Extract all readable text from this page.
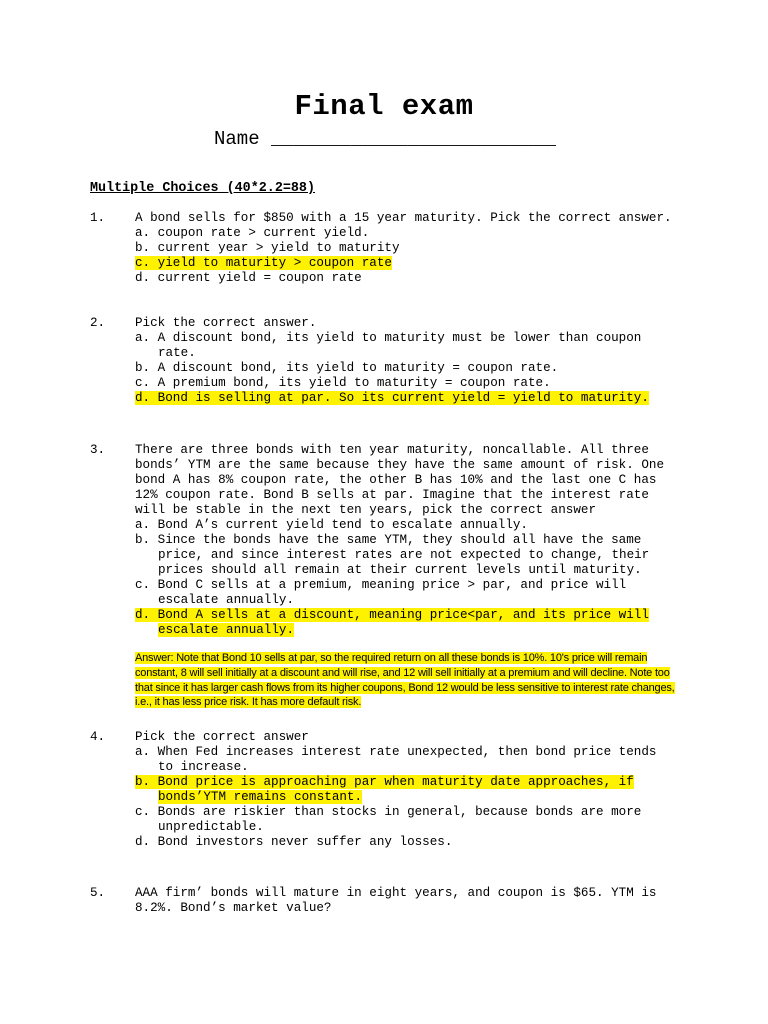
Final exam
Name _________________________
Multiple Choices (40*2.2=88)
1. A bond sells for $850 with a 15 year maturity. Pick the correct answer.
a. coupon rate > current yield.
b. current year > yield to maturity
c. yield to maturity > coupon rate
d. current yield = coupon rate
2. Pick the correct answer.
a. A discount bond, its yield to maturity must be lower than coupon rate.
b. A discount bond, its yield to maturity = coupon rate.
c. A premium bond, its yield to maturity = coupon rate.
d. Bond is selling at par. So its current yield = yield to maturity.
3. There are three bonds with ten year maturity, noncallable. All three bonds’ YTM are the same because they have the same amount of risk. One bond A has 8% coupon rate, the other B has 10% and the last one C has 12% coupon rate. Bond B sells at par. Imagine that the interest rate will be stable in the next ten years, pick the correct answer
a. Bond A’s current yield tend to escalate annually.
b. Since the bonds have the same YTM, they should all have the same price, and since interest rates are not expected to change, their prices should all remain at their current levels until maturity.
c. Bond C sells at a premium, meaning price > par, and price will escalate annually.
d. Bond A sells at a discount, meaning price<par, and its price will escalate annually.
Answer: Note that Bond 10 sells at par, so the required return on all these bonds is 10%. 10's price will remain constant, 8 will sell initially at a discount and will rise, and 12 will sell initially at a premium and will decline. Note too that since it has larger cash flows from its higher coupons, Bond 12 would be less sensitive to interest rate changes, i.e., it has less price risk. It has more default risk.
4. Pick the correct answer
a. When Fed increases interest rate unexpected, then bond price tends to increase.
b. Bond price is approaching par when maturity date approaches, if bonds’YTM remains constant.
c. Bonds are riskier than stocks in general, because bonds are more unpredictable.
d. Bond investors never suffer any losses.
5. AAA firm’ bonds will mature in eight years, and coupon is $65. YTM is 8.2%. Bond’s market value?
